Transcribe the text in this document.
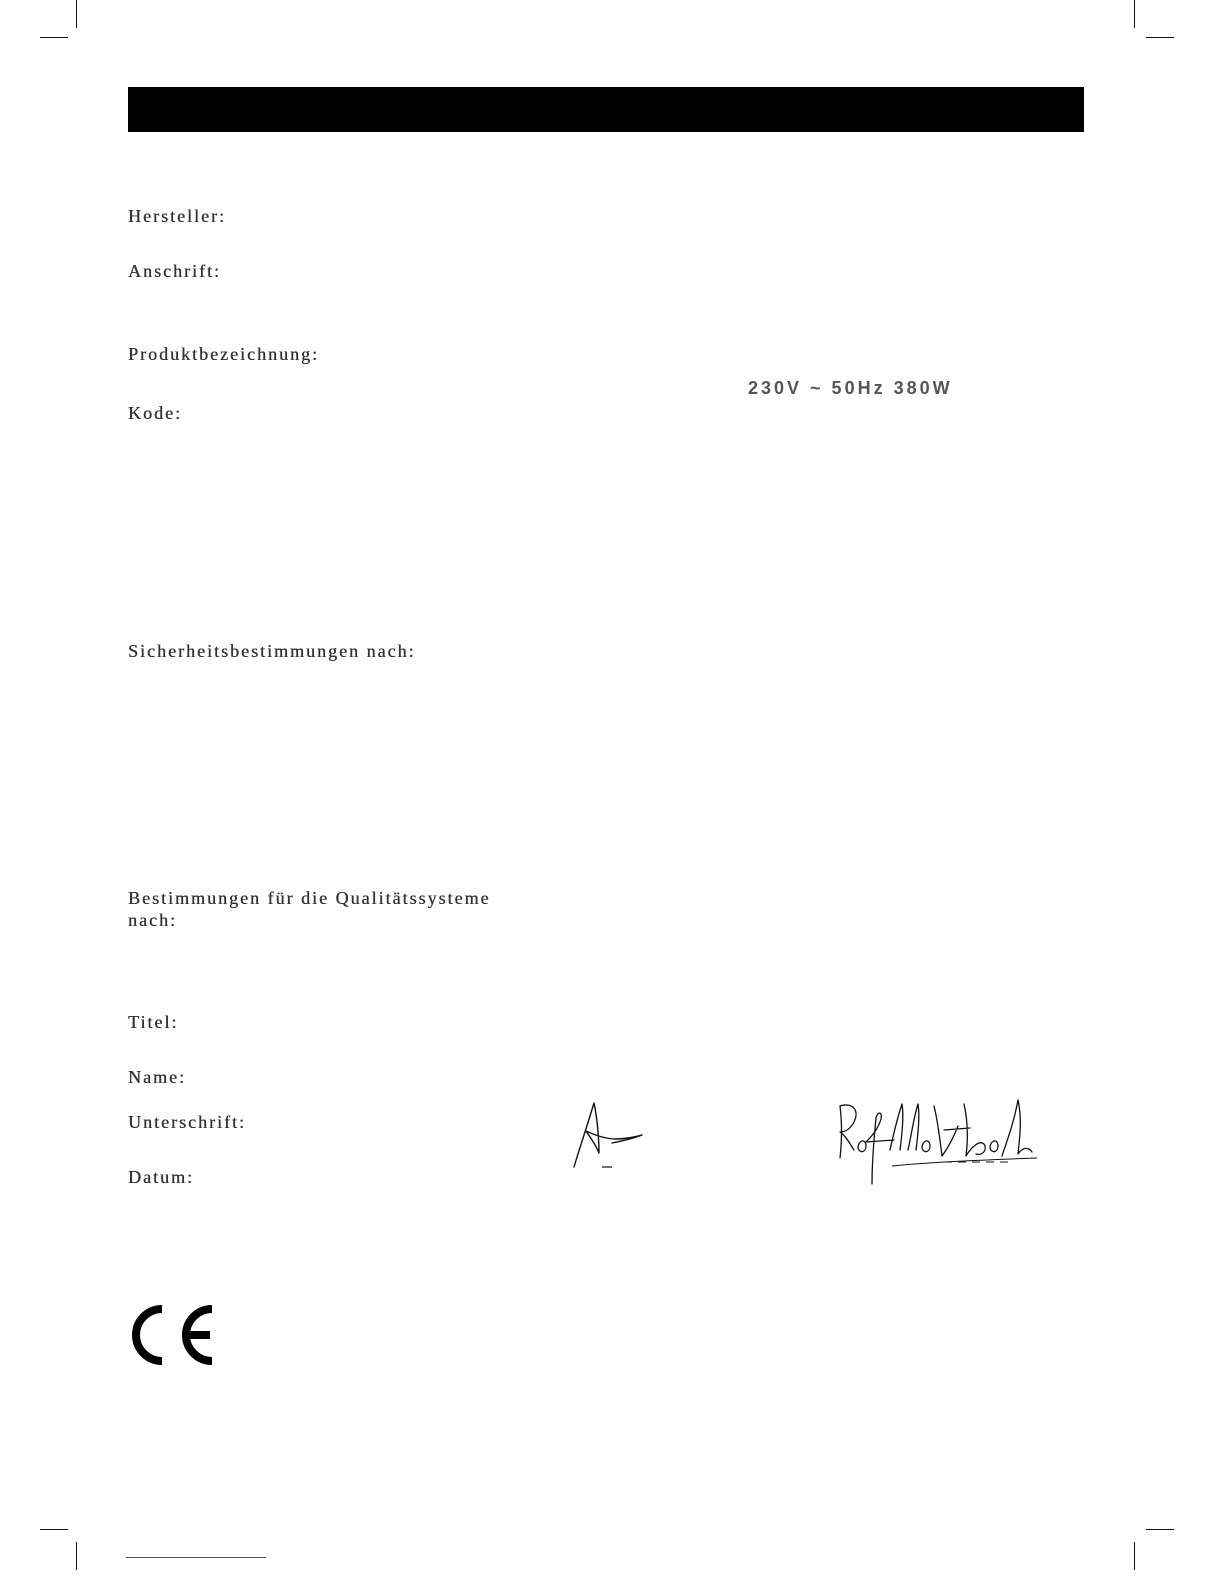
Hersteller:
Anschrift:
Produktbezeichnung:
Kode:
230V ~ 50Hz 380W
Sicherheitsbestimmungen nach:
Bestimmungen für die Qualitätssysteme nach:
Titel:
Name:
Unterschrift:
Datum:
